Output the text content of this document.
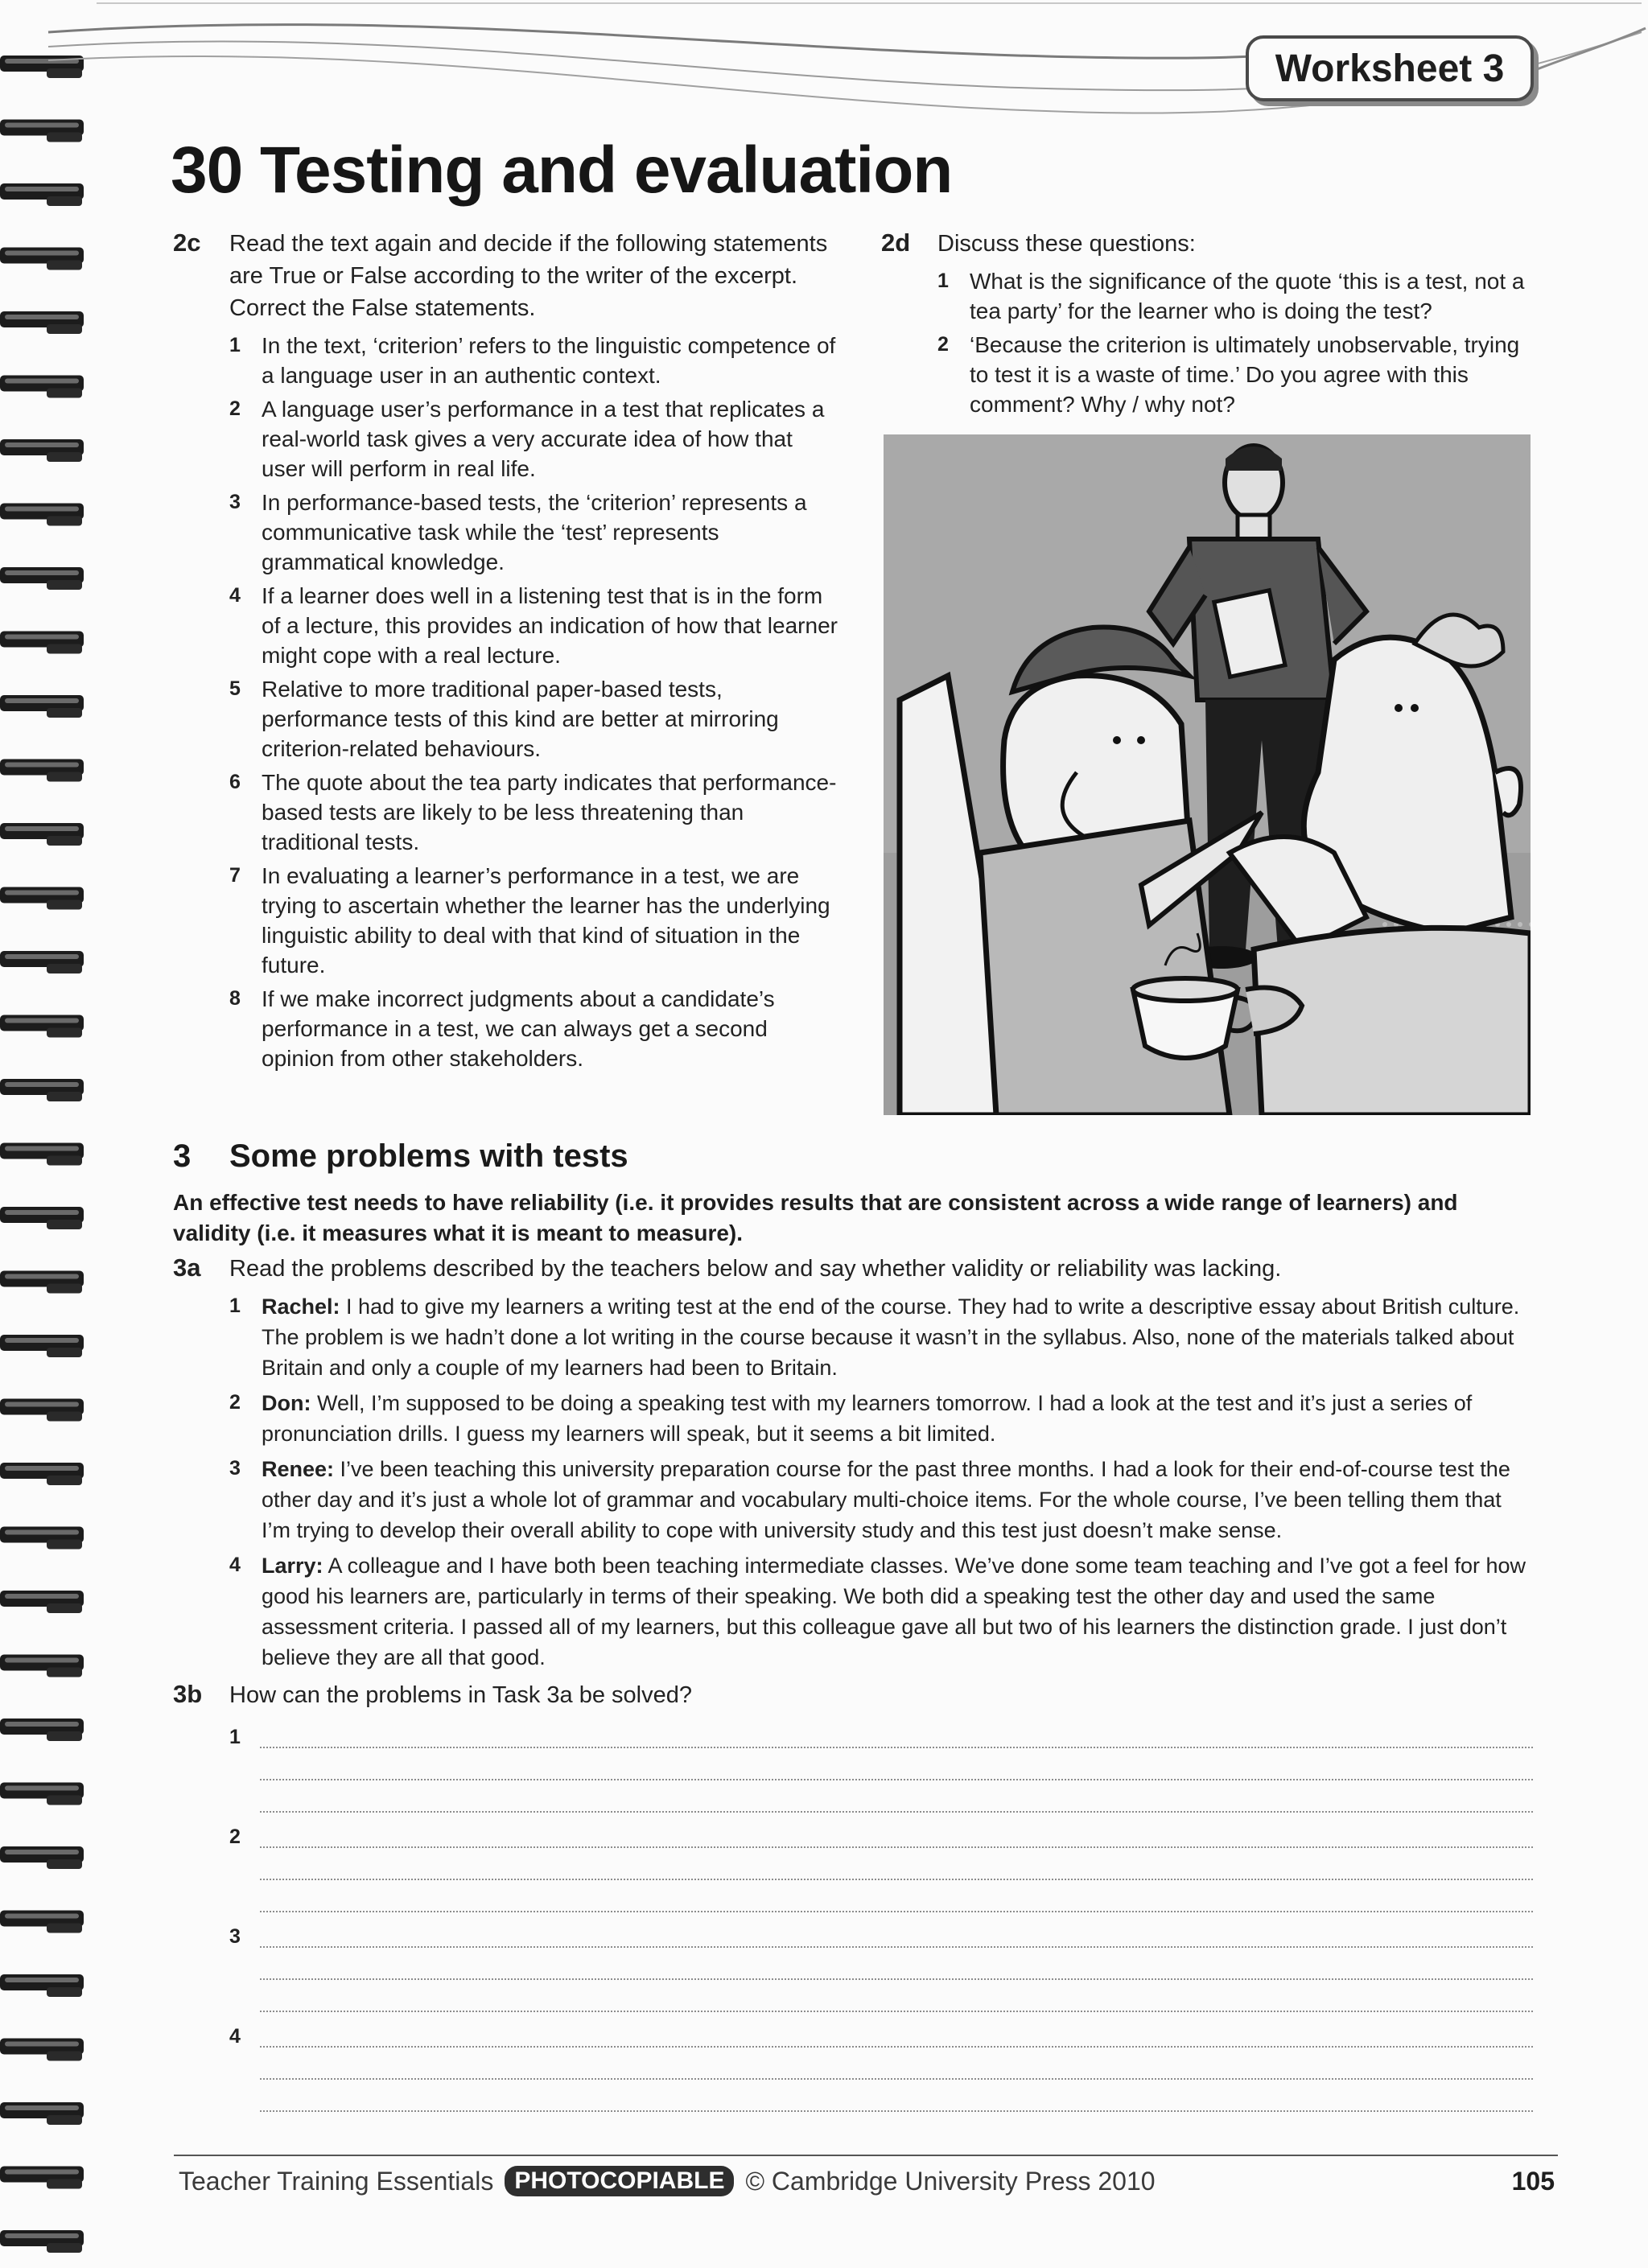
Worksheet 3
30 Testing and evaluation
2c	Read the text again and decide if the following statements are True or False according to the writer of the excerpt. Correct the False statements.
1 In the text, ‘criterion’ refers to the linguistic competence of a language user in an authentic context.
2 A language user’s performance in a test that replicates a real-world task gives a very accurate idea of how that user will perform in real life.
3 In performance-based tests, the ‘criterion’ represents a communicative task while the ‘test’ represents grammatical knowledge.
4 If a learner does well in a listening test that is in the form of a lecture, this provides an indication of how that learner might cope with a real lecture.
5 Relative to more traditional paper-based tests, performance tests of this kind are better at mirroring criterion-related behaviours.
6 The quote about the tea party indicates that performance-based tests are likely to be less threatening than traditional tests.
7 In evaluating a learner’s performance in a test, we are trying to ascertain whether the learner has the underlying linguistic ability to deal with that kind of situation in the future.
8 If we make incorrect judgments about a candidate’s performance in a test, we can always get a second opinion from other stakeholders.
2d	Discuss these questions:
1 What is the significance of the quote ‘this is a test, not a tea party’ for the learner who is doing the test?
2 ‘Because the criterion is ultimately unobservable, trying to test it is a waste of time.’ Do you agree with this comment? Why / why not?
3 Some problems with tests
An effective test needs to have reliability (i.e. it provides results that are consistent across a wide range of learners) and validity (i.e. it measures what it is meant to measure).
3a	Read the problems described by the teachers below and say whether validity or reliability was lacking.
1 Rachel: I had to give my learners a writing test at the end of the course. They had to write a descriptive essay about British culture. The problem is we hadn’t done a lot writing in the course because it wasn’t in the syllabus. Also, none of the materials talked about Britain and only a couple of my learners had been to Britain.
2 Don: Well, I’m supposed to be doing a speaking test with my learners tomorrow. I had a look at the test and it’s just a series of pronunciation drills. I guess my learners will speak, but it seems a bit limited.
3 Renee: I’ve been teaching this university preparation course for the past three months. I had a look for their end-of-course test the other day and it’s just a whole lot of grammar and vocabulary multi-choice items. For the whole course, I’ve been telling them that I’m trying to develop their overall ability to cope with university study and this test just doesn’t make sense.
4 Larry: A colleague and I have both been teaching intermediate classes. We’ve done some team teaching and I’ve got a feel for how good his learners are, particularly in terms of their speaking. We both did a speaking test the other day and used the same assessment criteria. I passed all of my learners, but this colleague gave all but two of his learners the distinction grade. I just don’t believe they are all that good.
3b	How can the problems in Task 3a be solved?
1
2
3
4
Teacher Training Essentials PHOTOCOPIABLE © Cambridge University Press 2010	105
